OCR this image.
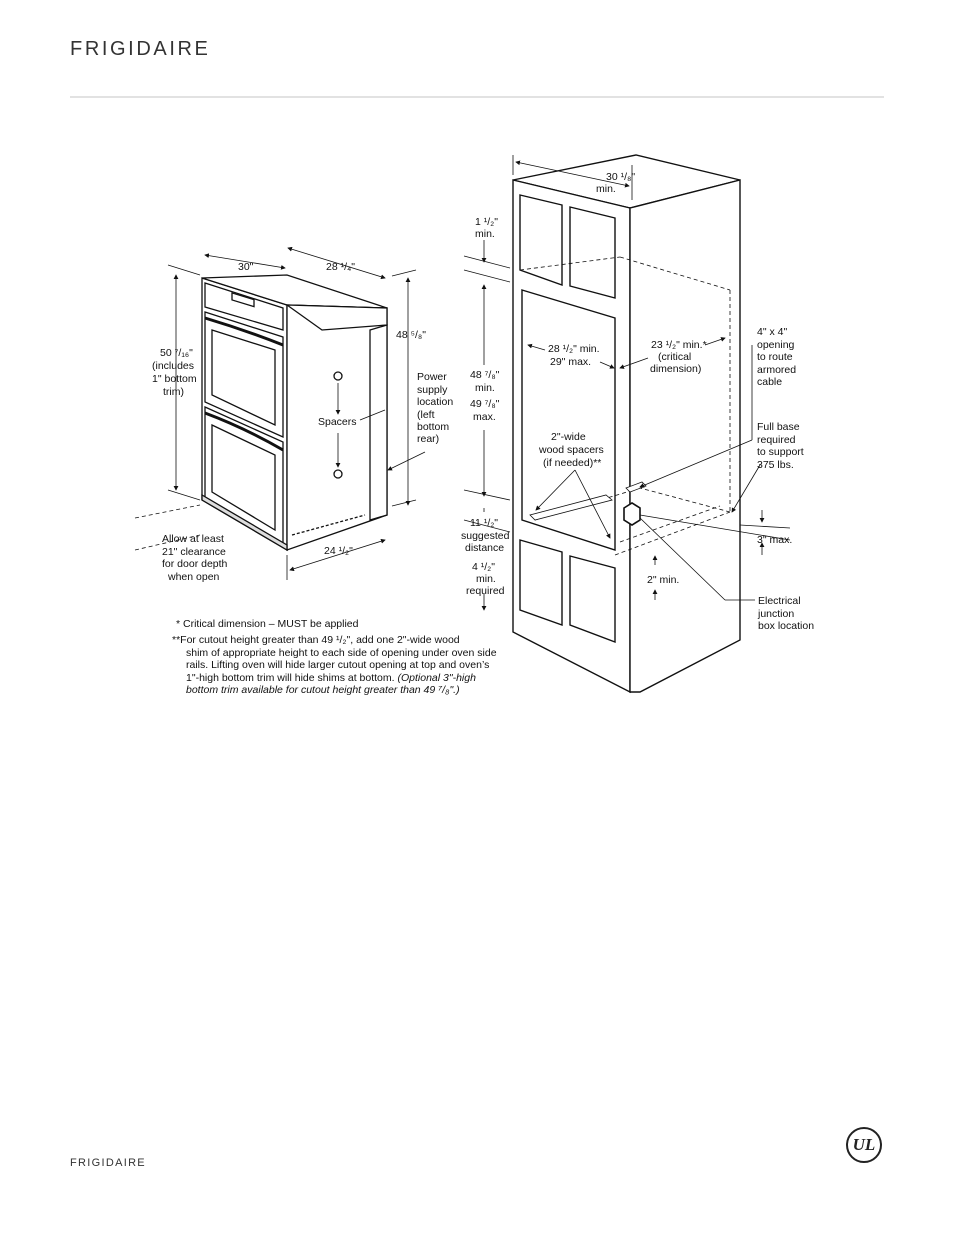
FRIGIDAIRE
30"	28 ¹/₄"
50 ⁷/₁₆"
(includes
1" bottom
trim)
48 ⁵/₈"
Spacers
Power
supply
location
(left
bottom
rear)
24 ¹/₂"
Allow at least
21" clearance
for door depth
when open
30 ¹/₈"
min.
1 ¹/₂"
min.
48 ⁷/₈"
min.
49 ⁷/₈"
max.
28 ¹/₂" min.
29" max.
23 ¹/₂" min.*
(critical
dimension)
4" x 4"
opening
to route
armored
cable
Full base
required
to support
375 lbs.
2"-wide
wood spacers
(if needed)**
11 ¹/₂"
suggested
distance
4 ¹/₂"
min.
required
3" max.
2" min.
Electrical
junction
box location
* Critical dimension – MUST be applied
**For cutout height greater than 49 ¹/₂", add one 2"-wide wood
shim of appropriate height to each side of opening under oven side
rails. Lifting oven will hide larger cutout opening at top and oven’s
1"-high bottom trim will hide shims at bottom. (Optional 3"-high
bottom trim available for cutout height greater than 49 ⁷/₈".)
FRIGIDAIRE
UL
